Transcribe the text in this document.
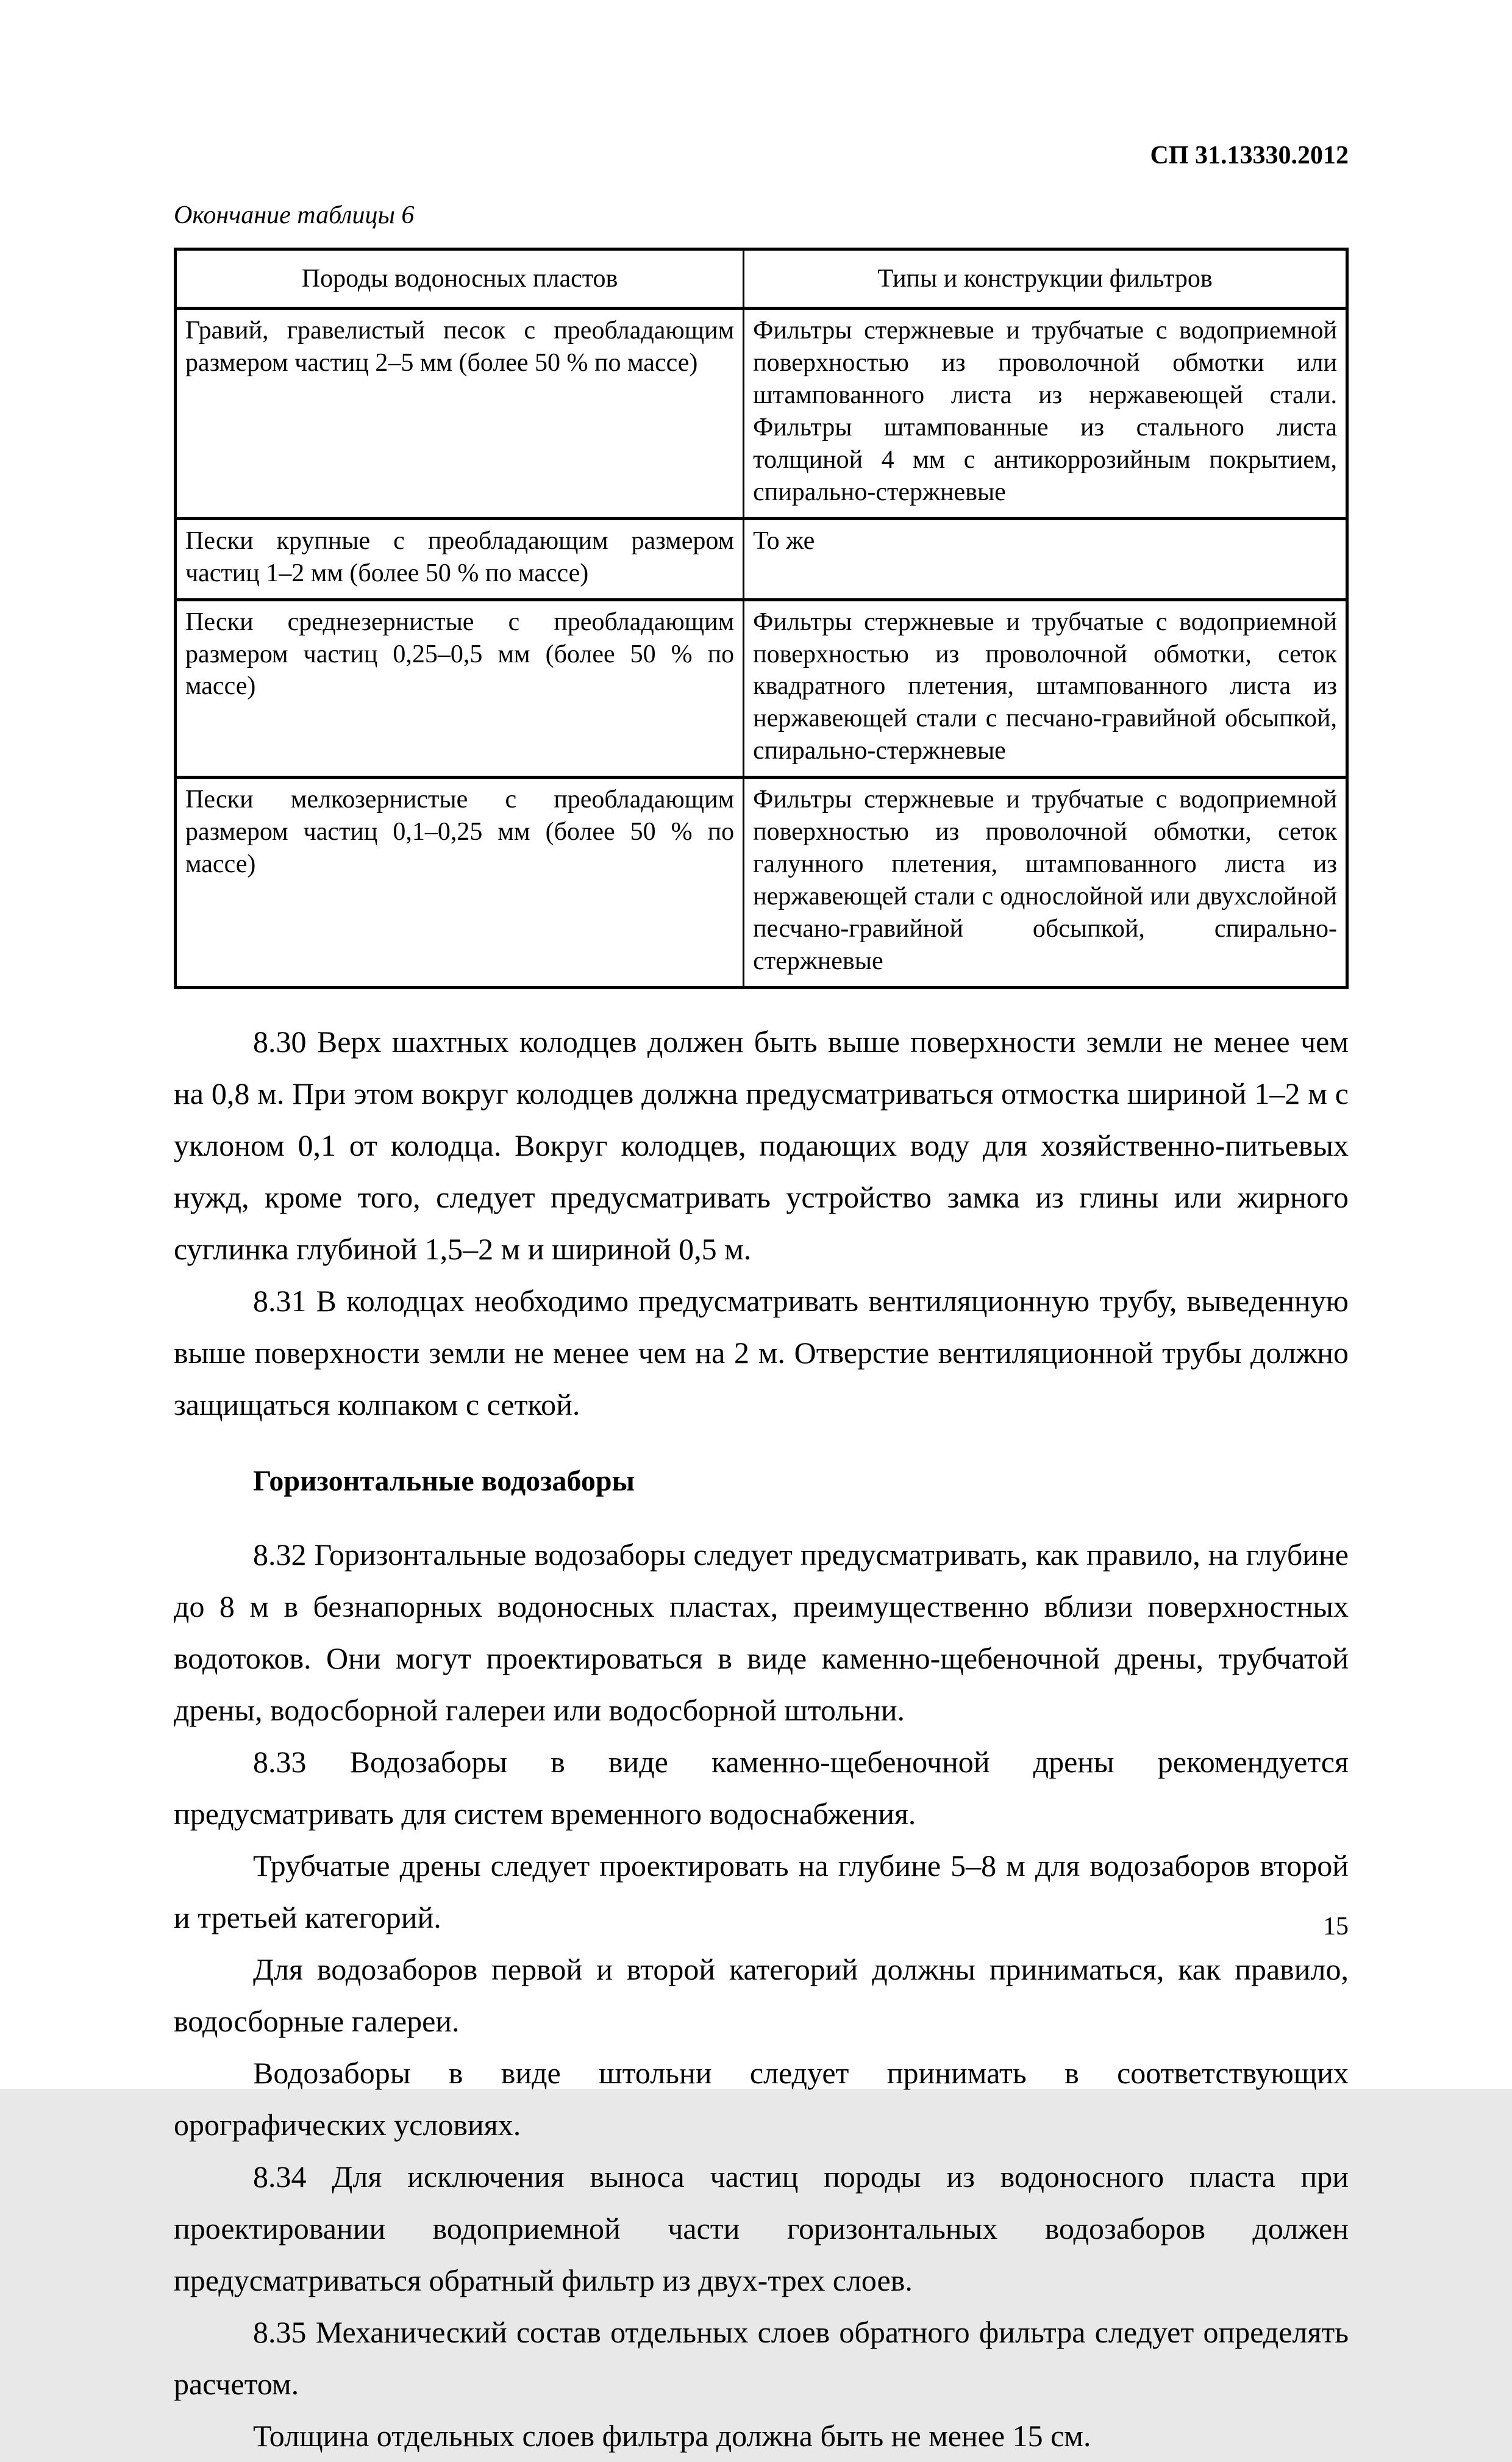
СП 31.13330.2012
Окончание таблицы 6
Породы водоносных пластов	Типы и конструкции фильтров
Гравий, гравелистый песок с преобладающим размером частиц 2–5 мм (более 50 % по массе)	Фильтры стержневые и трубчатые с водоприемной поверхностью из проволочной обмотки или штампованного листа из нержавеющей стали. Фильтры штампованные из стального листа толщиной 4 мм с антикоррозийным покрытием, спирально-стержневые
Пески крупные с преобладающим размером частиц 1–2 мм (более 50 % по массе)	То же
Пески среднезернистые с преобладающим размером частиц 0,25–0,5 мм (более 50 % по массе)	Фильтры стержневые и трубчатые с водоприемной поверхностью из проволочной обмотки, сеток квадратного плетения, штампованного листа из нержавеющей стали с песчано-гравийной обсыпкой, спирально-стержневые
Пески мелкозернистые с преобладающим размером частиц 0,1–0,25 мм (более 50 % по массе)	Фильтры стержневые и трубчатые с водоприемной поверхностью из проволочной обмотки, сеток галунного плетения, штампованного листа из нержавеющей стали с однослойной или двухслойной песчано-гравийной обсыпкой, спирально-стержневые

8.30 Верх шахтных колодцев должен быть выше поверхности земли не менее чем на 0,8 м. При этом вокруг колодцев должна предусматриваться отмостка шириной 1–2 м с уклоном 0,1 от колодца. Вокруг колодцев, подающих воду для хозяйственно-питьевых нужд, кроме того, следует предусматривать устройство замка из глины или жирного суглинка глубиной 1,5–2 м и шириной 0,5 м.

8.31 В колодцах необходимо предусматривать вентиляционную трубу, выведенную выше поверхности земли не менее чем на 2 м. Отверстие вентиляционной трубы должно защищаться колпаком с сеткой.

Горизонтальные водозаборы

8.32 Горизонтальные водозаборы следует предусматривать, как правило, на глубине до 8 м в безнапорных водоносных пластах, преимущественно вблизи поверхностных водотоков. Они могут проектироваться в виде каменно-щебеночной дрены, трубчатой дрены, водосборной галереи или водосборной штольни.

8.33 Водозаборы в виде каменно-щебеночной дрены рекомендуется предусматривать для систем временного водоснабжения.

Трубчатые дрены следует проектировать на глубине 5–8 м для водозаборов второй и третьей категорий.

Для водозаборов первой и второй категорий должны приниматься, как правило, водосборные галереи.

Водозаборы в виде штольни следует принимать в соответствующих орографических условиях.

8.34 Для исключения выноса частиц породы из водоносного пласта при проектировании водоприемной части горизонтальных водозаборов должен предусматриваться обратный фильтр из двух-трех слоев.

8.35 Механический состав отдельных слоев обратного фильтра следует определять расчетом.

Толщина отдельных слоев фильтра должна быть не менее 15 см.

15
